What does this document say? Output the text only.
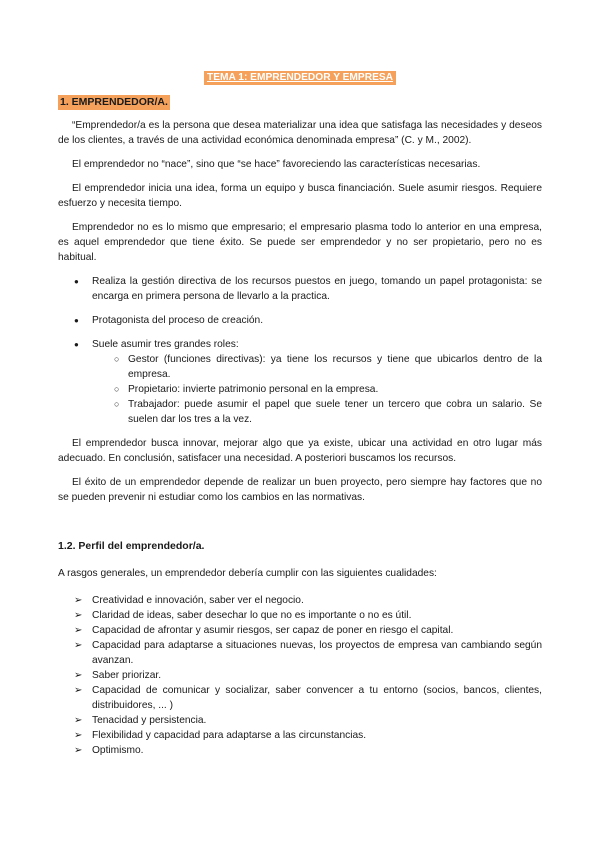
TEMA 1: EMPRENDEDOR Y EMPRESA
1. EMPRENDEDOR/A.

“Emprendedor/a es la persona que desea materializar una idea que satisfaga las necesidades y deseos de los clientes, a través de una actividad económica denominada empresa” (C. y M., 2002).

El emprendedor no “nace”, sino que “se hace” favoreciendo las características necesarias.

El emprendedor inicia una idea, forma un equipo y busca financiación. Suele asumir riesgos. Requiere esfuerzo y necesita tiempo.

Emprendedor no es lo mismo que empresario; el empresario plasma todo lo anterior en una empresa, es aquel emprendedor que tiene éxito. Se puede ser emprendedor y no ser propietario, pero no es habitual.

● Realiza la gestión directiva de los recursos puestos en juego, tomando un papel protagonista: se encarga en primera persona de llevarlo a la practica.
● Protagonista del proceso de creación.
● Suele asumir tres grandes roles:
○ Gestor (funciones directivas): ya tiene los recursos y tiene que ubicarlos dentro de la empresa.
○ Propietario: invierte patrimonio personal en la empresa.
○ Trabajador: puede asumir el papel que suele tener un tercero que cobra un salario. Se suelen dar los tres a la vez.

El emprendedor busca innovar, mejorar algo que ya existe, ubicar una actividad en otro lugar más adecuado. En conclusión, satisfacer una necesidad. A posteriori buscamos los recursos.

El éxito de un emprendedor depende de realizar un buen proyecto, pero siempre hay factores que no se pueden prevenir ni estudiar como los cambios en las normativas.

1.2. Perfil del emprendedor/a.

A rasgos generales, un emprendedor debería cumplir con las siguientes cualidades:

➢ Creatividad e innovación, saber ver el negocio.
➢ Claridad de ideas, saber desechar lo que no es importante o no es útil.
➢ Capacidad de afrontar y asumir riesgos, ser capaz de poner en riesgo el capital.
➢ Capacidad para adaptarse a situaciones nuevas, los proyectos de empresa van cambiando según avanzan.
➢ Saber priorizar.
➢ Capacidad de comunicar y socializar, saber convencer a tu entorno (socios, bancos, clientes, distribuidores, ... )
➢ Tenacidad y persistencia.
➢ Flexibilidad y capacidad para adaptarse a las circunstancias.
➢ Optimismo.
